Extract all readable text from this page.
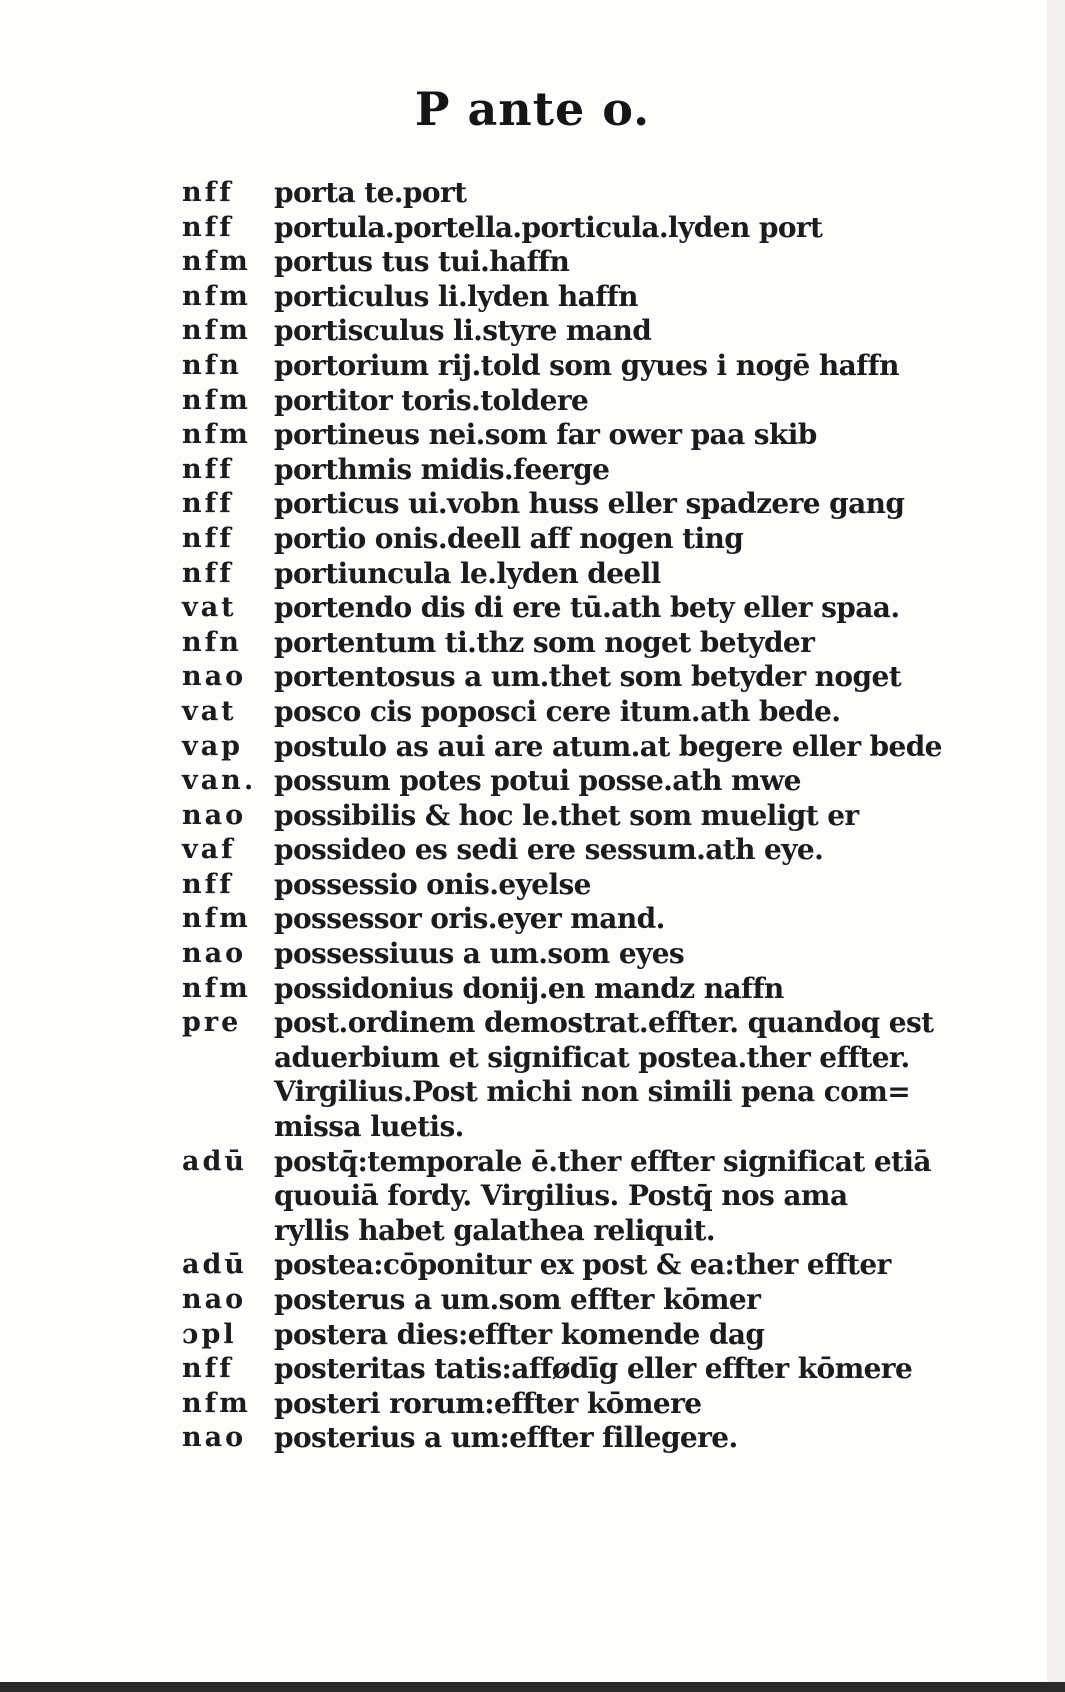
P ante o.
nff	porta te.port
nff	portula.portella.porticula.lyden port
nfm portus tus tui.haffn
nfm porticulus li.lyden haffn
nfm portisculus li.styre mand
nfn	portorium rij.told som gyues i nogē haffn
nfm portitor toris.toldere
nfm portineus nei.som far ower paa skib
nff	porthmis midis.feerge
nff	porticus ui.vobn huss eller spadzere gang
nff	portio onis.deell aff nogen ting
nff	portiuncula le.lyden deell
vat	portendo dis di ere tū.ath bety eller spaa.
nfn	portentum ti.thz som noget betyder
nao portentosus a um.thet som betyder noget
vat	posco cis poposci cere itum.ath bede.
vap	postulo as aui are atum.at begere eller bede
van. possum potes potui posse.ath mwe
nao possibilis & hoc le.thet som mueligt er
vaf	possideo es sedi ere sessum.ath eye.
nff	possessio onis.eyelse
nfm possessor oris.eyer mand.
nao possessiuus a um.som eyes
nfm possidonius donij.en mandz naffn
pre	post.ordinem demostrat.effter. quandoq est
aduerbium et significat postea.ther effter.
Virgilius.Post michi non simili pena com=
missa luetis.
adū postq̄:temporale ē.ther effter significat etiā
quouiā fordy. Virgilius. Postq̄ nos ama
ryllis habet galathea reliquit.
adū postea:cōponitur ex post & ea:ther effter
nao posterus a um.som effter kōmer
ɔpl	postera dies:effter komende dag
nff	posteritas tatis:affødīg eller effter kōmere
nfm posteri rorum:effter kōmere
nao posterius a um:effter fillegere.
